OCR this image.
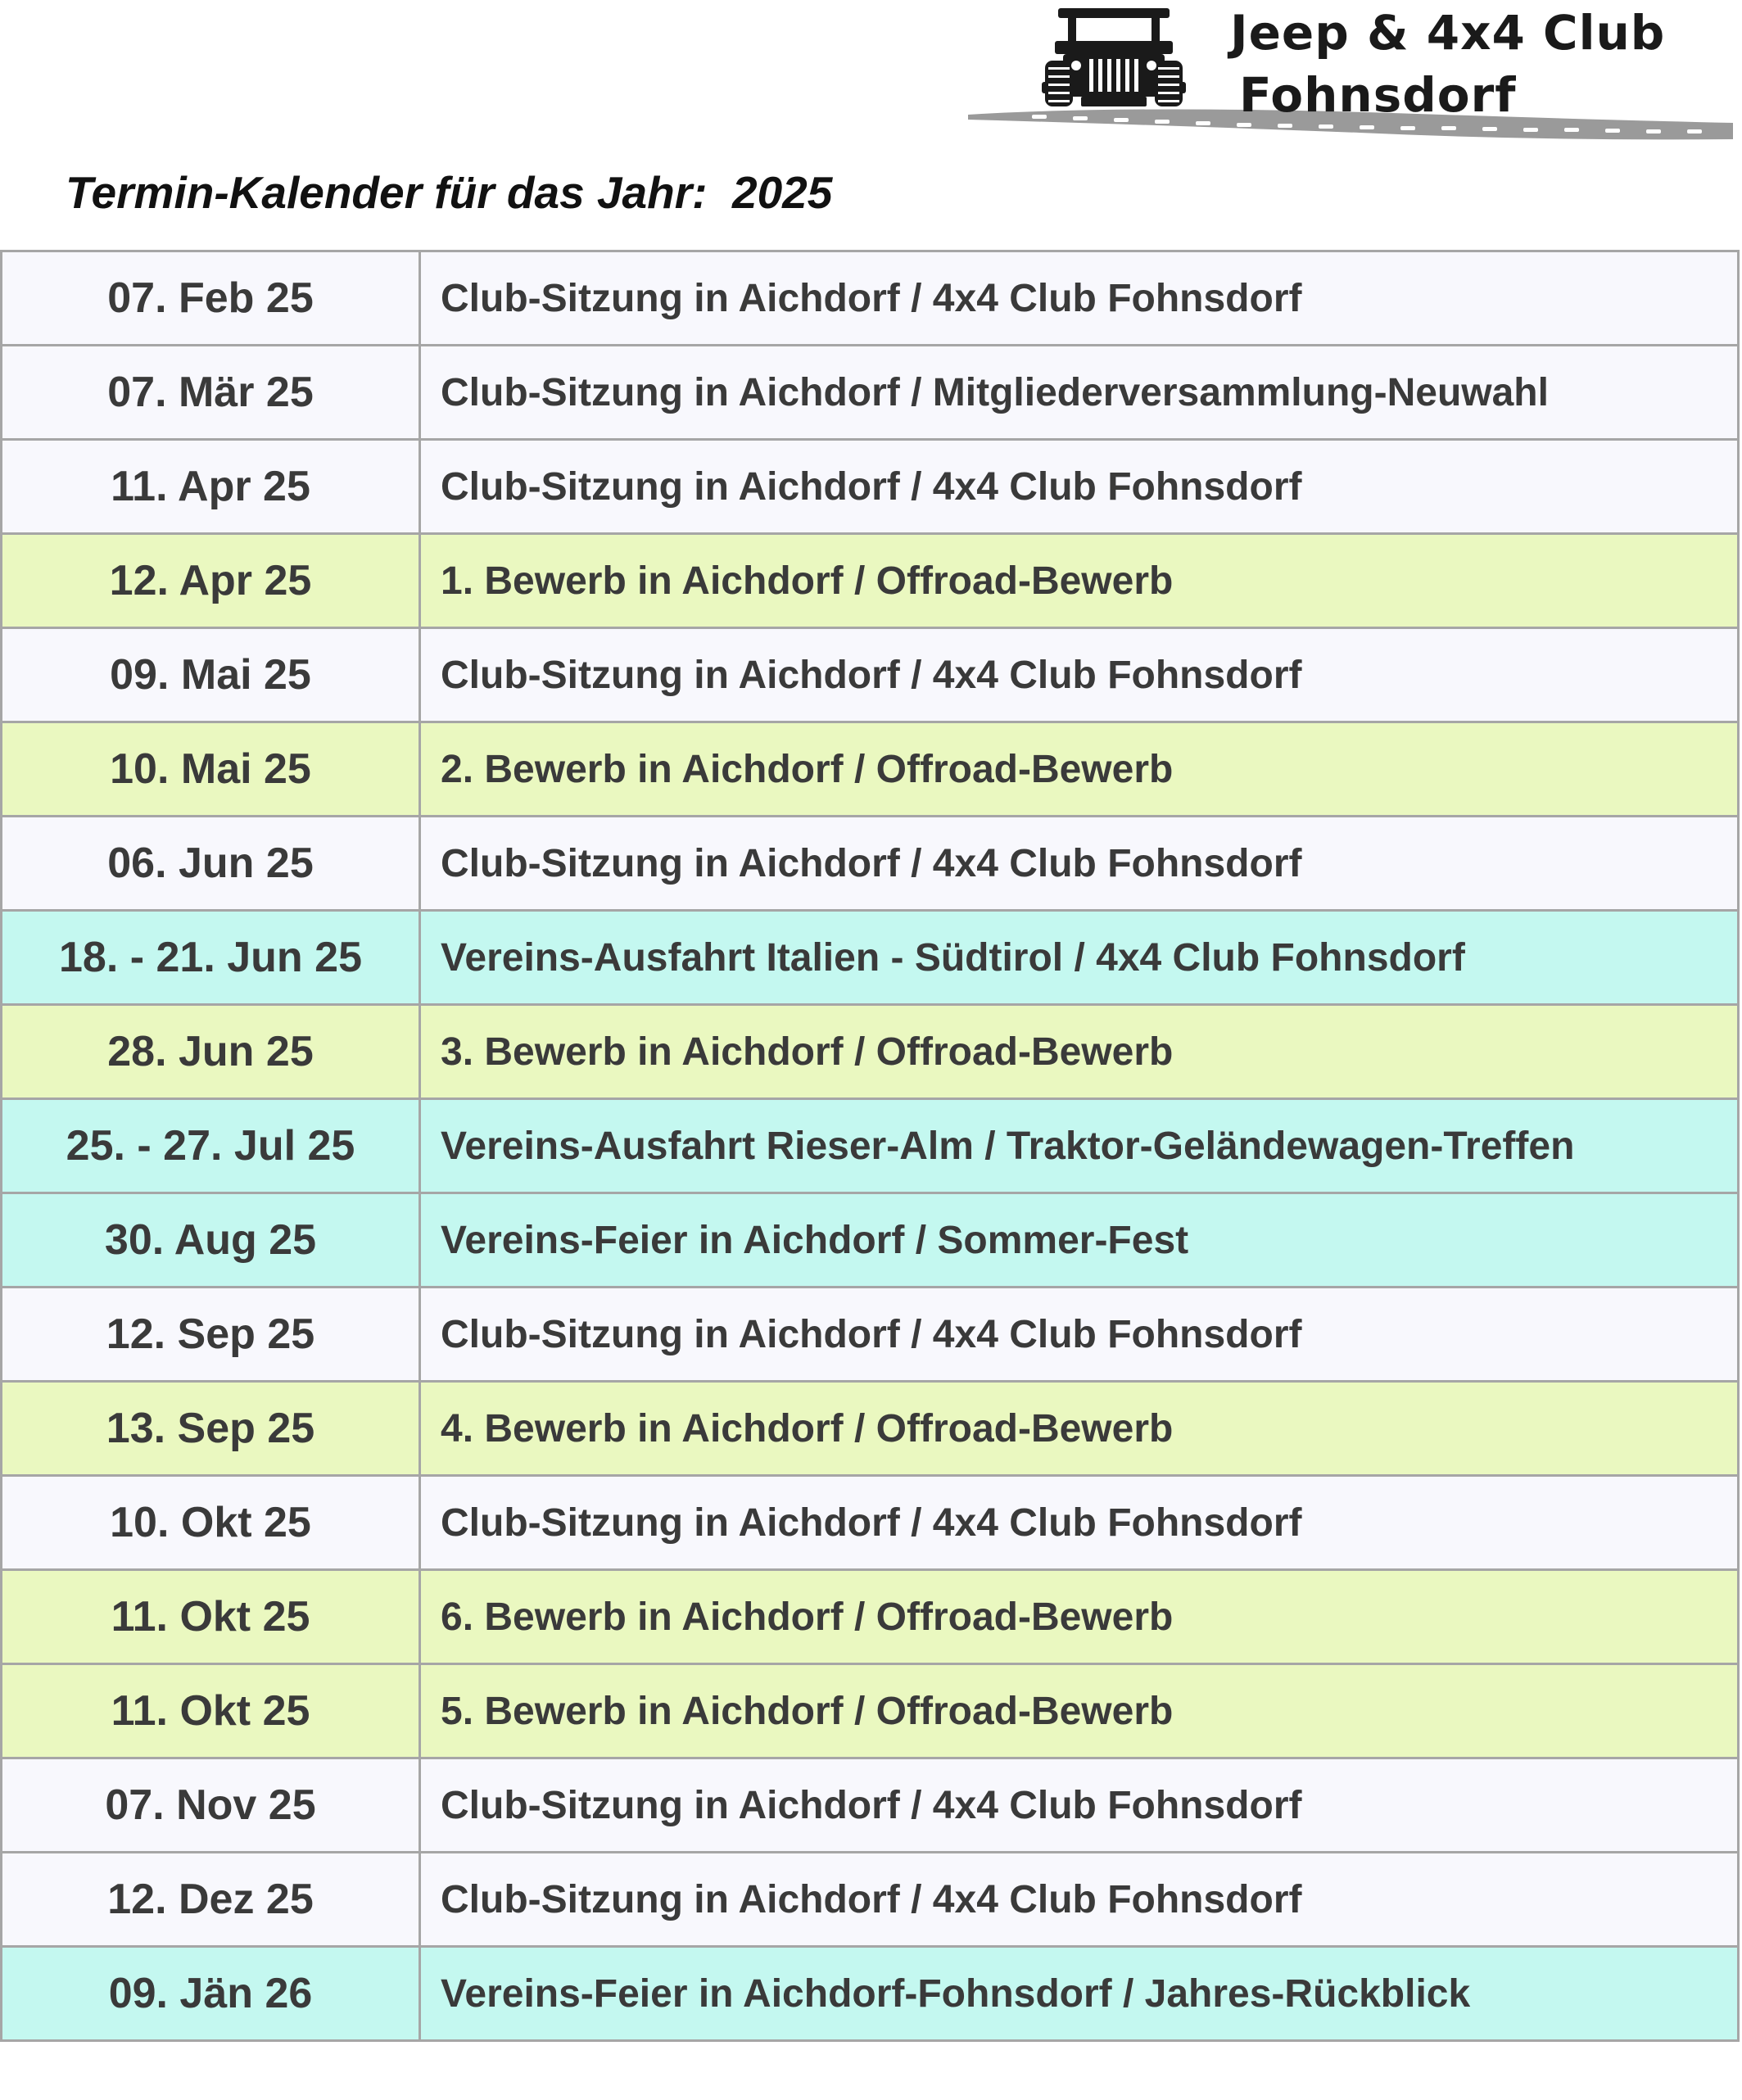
Jeep & 4x4 Club
Fohnsdorf
Termin-Kalender für das Jahr: 2025
07. Feb 25	Club-Sitzung in Aichdorf / 4x4 Club Fohnsdorf
07. Mär 25	Club-Sitzung in Aichdorf / Mitgliederversammlung-Neuwahl
11. Apr 25	Club-Sitzung in Aichdorf / 4x4 Club Fohnsdorf
12. Apr 25	1. Bewerb in Aichdorf / Offroad-Bewerb
09. Mai 25	Club-Sitzung in Aichdorf / 4x4 Club Fohnsdorf
10. Mai 25	2. Bewerb in Aichdorf / Offroad-Bewerb
06. Jun 25	Club-Sitzung in Aichdorf / 4x4 Club Fohnsdorf
18. - 21. Jun 25	Vereins-Ausfahrt Italien - Südtirol / 4x4 Club Fohnsdorf
28. Jun 25	3. Bewerb in Aichdorf / Offroad-Bewerb
25. - 27. Jul 25	Vereins-Ausfahrt Rieser-Alm / Traktor-Geländewagen-Treffen
30. Aug 25	Vereins-Feier in Aichdorf / Sommer-Fest
12. Sep 25	Club-Sitzung in Aichdorf / 4x4 Club Fohnsdorf
13. Sep 25	4. Bewerb in Aichdorf / Offroad-Bewerb
10. Okt 25	Club-Sitzung in Aichdorf / 4x4 Club Fohnsdorf
11. Okt 25	6. Bewerb in Aichdorf / Offroad-Bewerb
11. Okt 25	5. Bewerb in Aichdorf / Offroad-Bewerb
07. Nov 25	Club-Sitzung in Aichdorf / 4x4 Club Fohnsdorf
12. Dez 25	Club-Sitzung in Aichdorf / 4x4 Club Fohnsdorf
09. Jän 26	Vereins-Feier in Aichdorf-Fohnsdorf / Jahres-Rückblick
